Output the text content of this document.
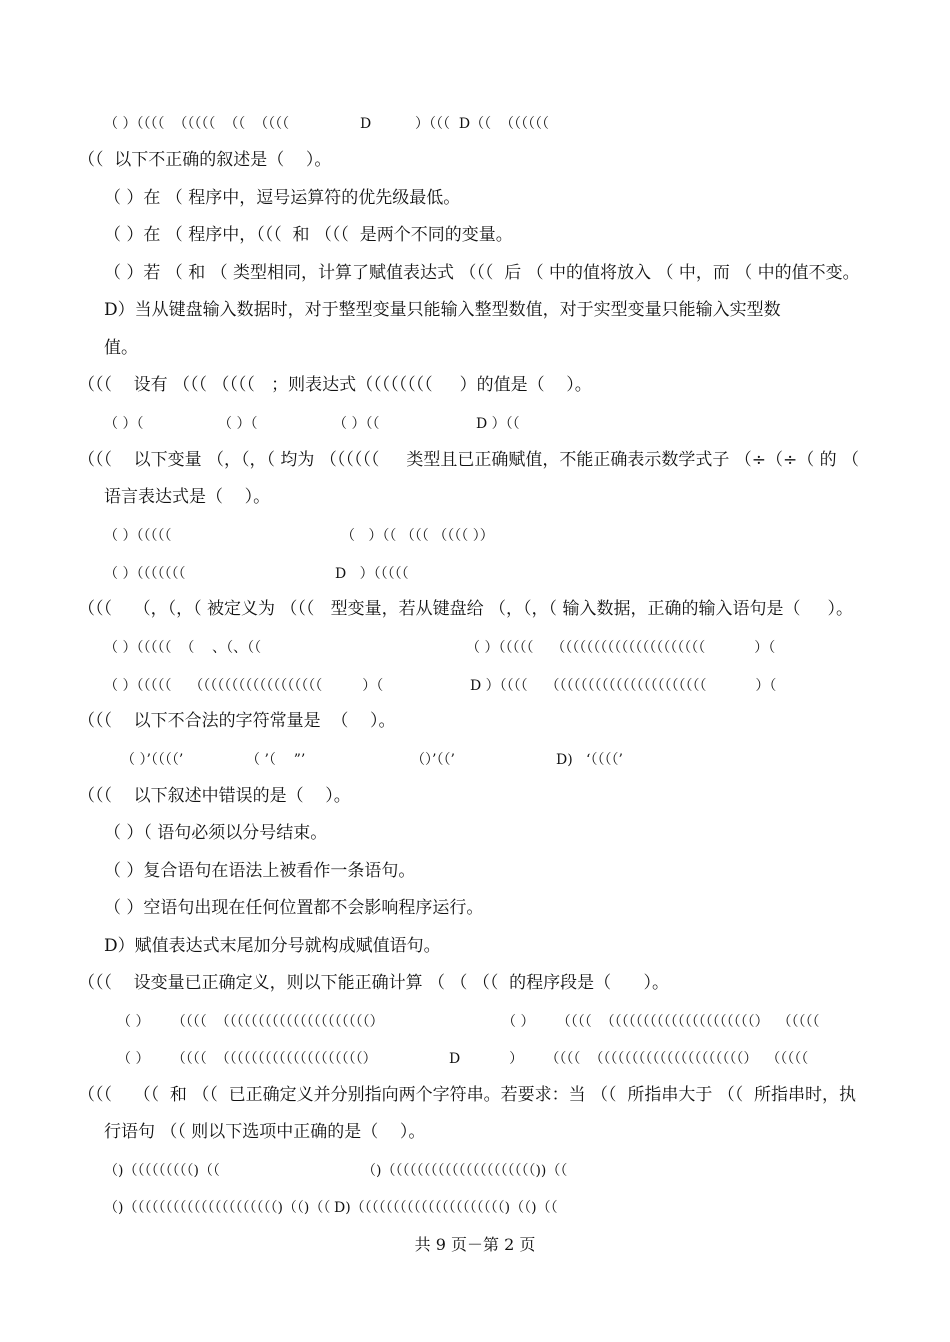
（ ）（（（（  （（（（（  （（  （（（（	D	）（（（  D（（  （（（（（（
（（  以下不正确的叙述是（    ）。
（ ）在 （ 程序中，逗号运算符的优先级最低。
（ ）在 （ 程序中，（（（  和 （（（  是两个不同的变量。
（ ）若 （ 和 （ 类型相同，计算了赋值表达式 （（（  后 （ 中的值将放入 （ 中，而 （ 中的值不变。
D）当从键盘输入数据时，对于整型变量只能输入整型数值，对于实型变量只能输入实型数
值。
（（（    设有 （（（ （（（（   ；则表达式（（（（（（（（     ）的值是（    ）。
（ ）（	（ ）（	（ ）（（	D ）（（
（（（    以下变量 （，（，（ 均为 （（（（（（     类型且已正确赋值，不能正确表示数学式子 （÷（÷（ 的 （
语言表达式是（    ）。
（ ）（（（（（	（   ）（（ （（（ （（（（ ））
（ ）（（（（（（（	D   ）（（（（（
（（（    （，（，（ 被定义为 （（（   型变量，若从键盘给 （，（，（ 输入数据，正确的输入语句是（     ）。
（ ）（（（（（  （    、（、（（	（ ）（（（（（    （（（（（（（（（（（（（（（（（（（（（           ）（
（ ）（（（（（    （（（（（（（（（（（（（（（（（（         ）（	D ）（（（（    （（（（（（（（（（（（（（（（（（（（（（           ）（
（（（    以下不合法的字符常量是  （    ）。
（ ）’（（（（’	（ ’（    ”’	（）’（（’	D)   ‘（（（（’
（（（    以下叙述中错误的是（    ）。
（ ）（ 语句必须以分号结束。
（ ）复合语句在语法上被看作一条语句。
（ ）空语句出现在任何位置都不会影响程序运行。
D）赋值表达式末尾加分号就构成赋值语句。
（（（    设变量已正确定义，则以下能正确计算 （ （ （（  的程序段是（      ）。
（ ）     （（（（  （（（（（（（（（（（（（（（（（（（（（）	（ ）     （（（（  （（（（（（（（（（（（（（（（（（（（（）  （（（（（
（ ）     （（（（  （（（（（（（（（（（（（（（（（（（（）	D           ）     （（（（  （（（（（（（（（（（（（（（（（（（（（）  （（（（（
（（（    （（  和 （（  已正确定义并分别指向两个字符串。若要求：当 （（  所指串大于 （（  所指串时，执
行语句 （（ 则以下选项中正确的是（    ）。
（)（（（（（（（（（)（（	（)（（（（（（（（（（（（（（（（（（（（（))（（
（)（（（（（（（（（（（（（（（（（（（（（)（（)（（ D)（（（（（（（（（（（（（（（（（（（（（)（（)（（
共 9 页－第 2 页
